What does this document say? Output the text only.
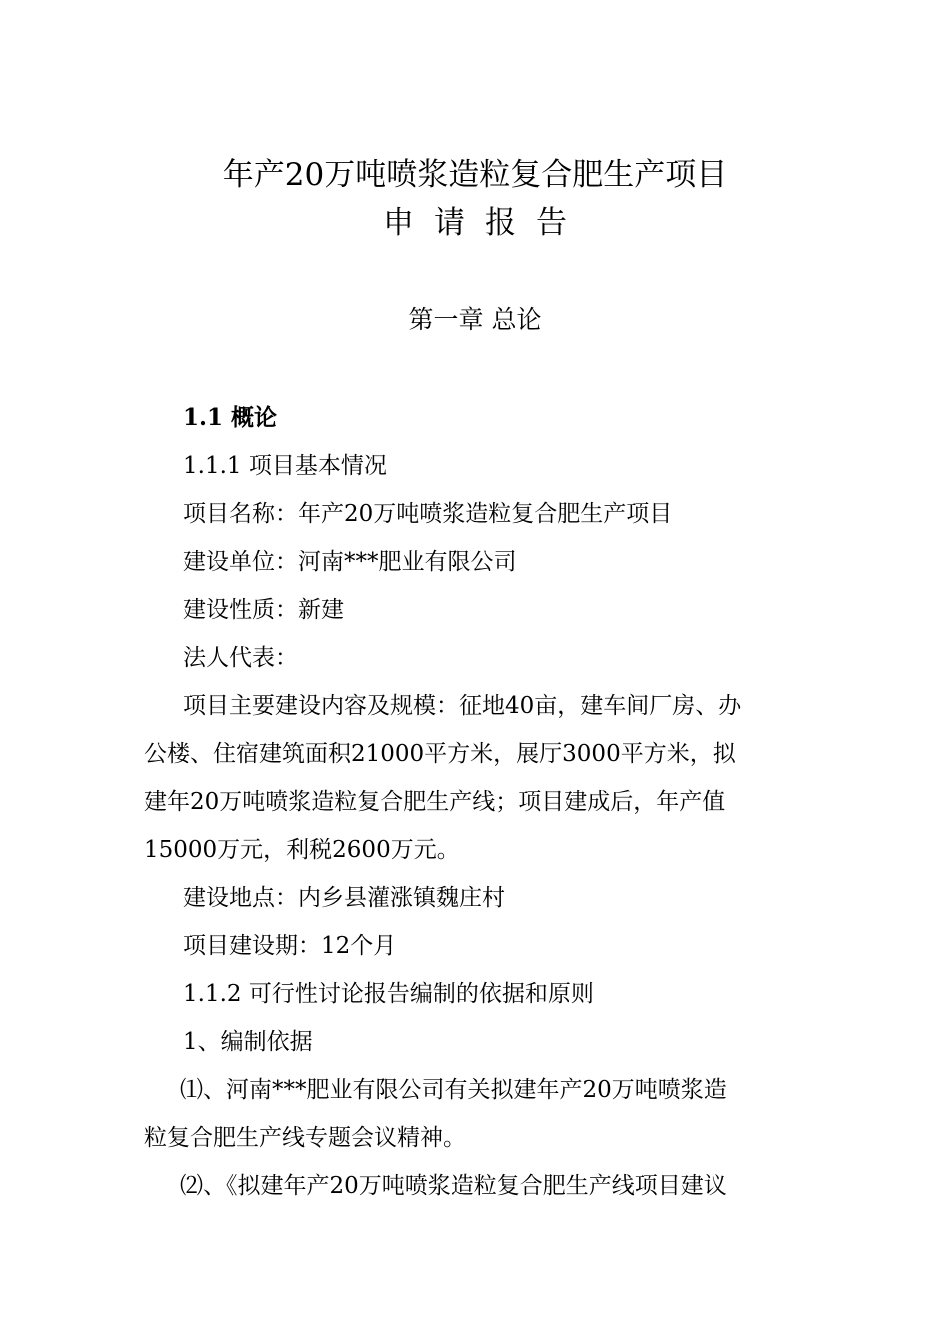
年产20万吨喷浆造粒复合肥生产项目
申请报告
第一章 总论
1.1 概论
1.1.1 项目基本情况
项目名称：年产20万吨喷浆造粒复合肥生产项目
建设单位：河南***肥业有限公司
建设性质：新建
法人代表：
项目主要建设内容及规模：征地40亩，建车间厂房、办
公楼、住宿建筑面积21000平方米，展厅3000平方米，拟
建年20万吨喷浆造粒复合肥生产线；项目建成后，年产值
15000万元，利税2600万元。
建设地点：内乡县灌涨镇魏庄村
项目建设期：12个月
1.1.2 可行性讨论报告编制的依据和原则
1、编制依据
⑴、河南***肥业有限公司有关拟建年产20万吨喷浆造
粒复合肥生产线专题会议精神。
⑵、《拟建年产20万吨喷浆造粒复合肥生产线项目建议
